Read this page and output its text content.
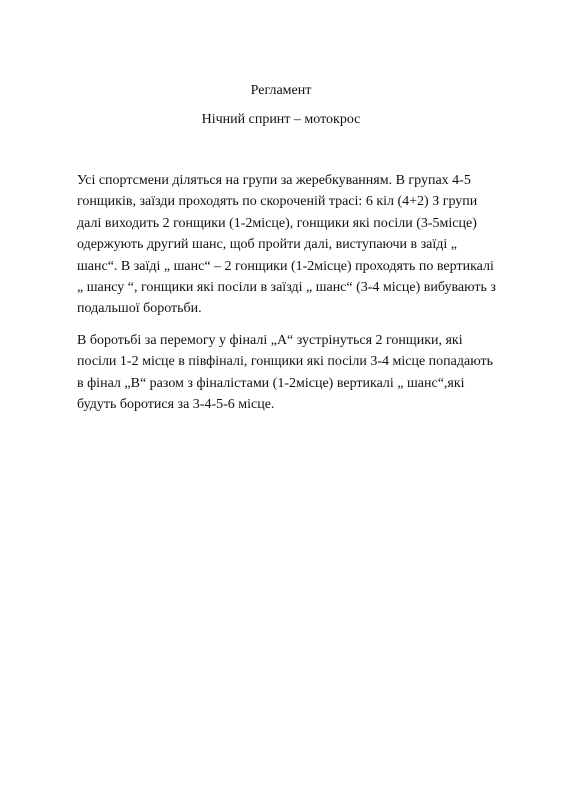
Регламент
Нічний спринт – мотокрос

Усі спортсмени діляться на групи за жеребкуванням. В групах 4-5 гонщиків, заїзди проходять по скороченій трасі: 6 кіл (4+2) З групи далі виходить 2 гонщики (1-2місце), гонщики які посіли (3-5місце) одержують другий шанс, щоб пройти далі, виступаючи в заїді „ шанс“. В заїді „ шанс“ – 2 гонщики (1-2місце) проходять по вертикалі „ шансу “, гонщики які посіли в заїзді „ шанс“ (3-4 місце) вибувають з подальшої боротьби.

В боротьбі за перемогу у фіналі „А“ зустрінуться 2 гонщики, які посіли 1-2 місце в півфіналі, гонщики які посіли 3-4 місце попадають в фінал „В“ разом з фіналістами (1-2місце) вертикалі „ шанс“,які будуть боротися за 3-4-5-6 місце.
